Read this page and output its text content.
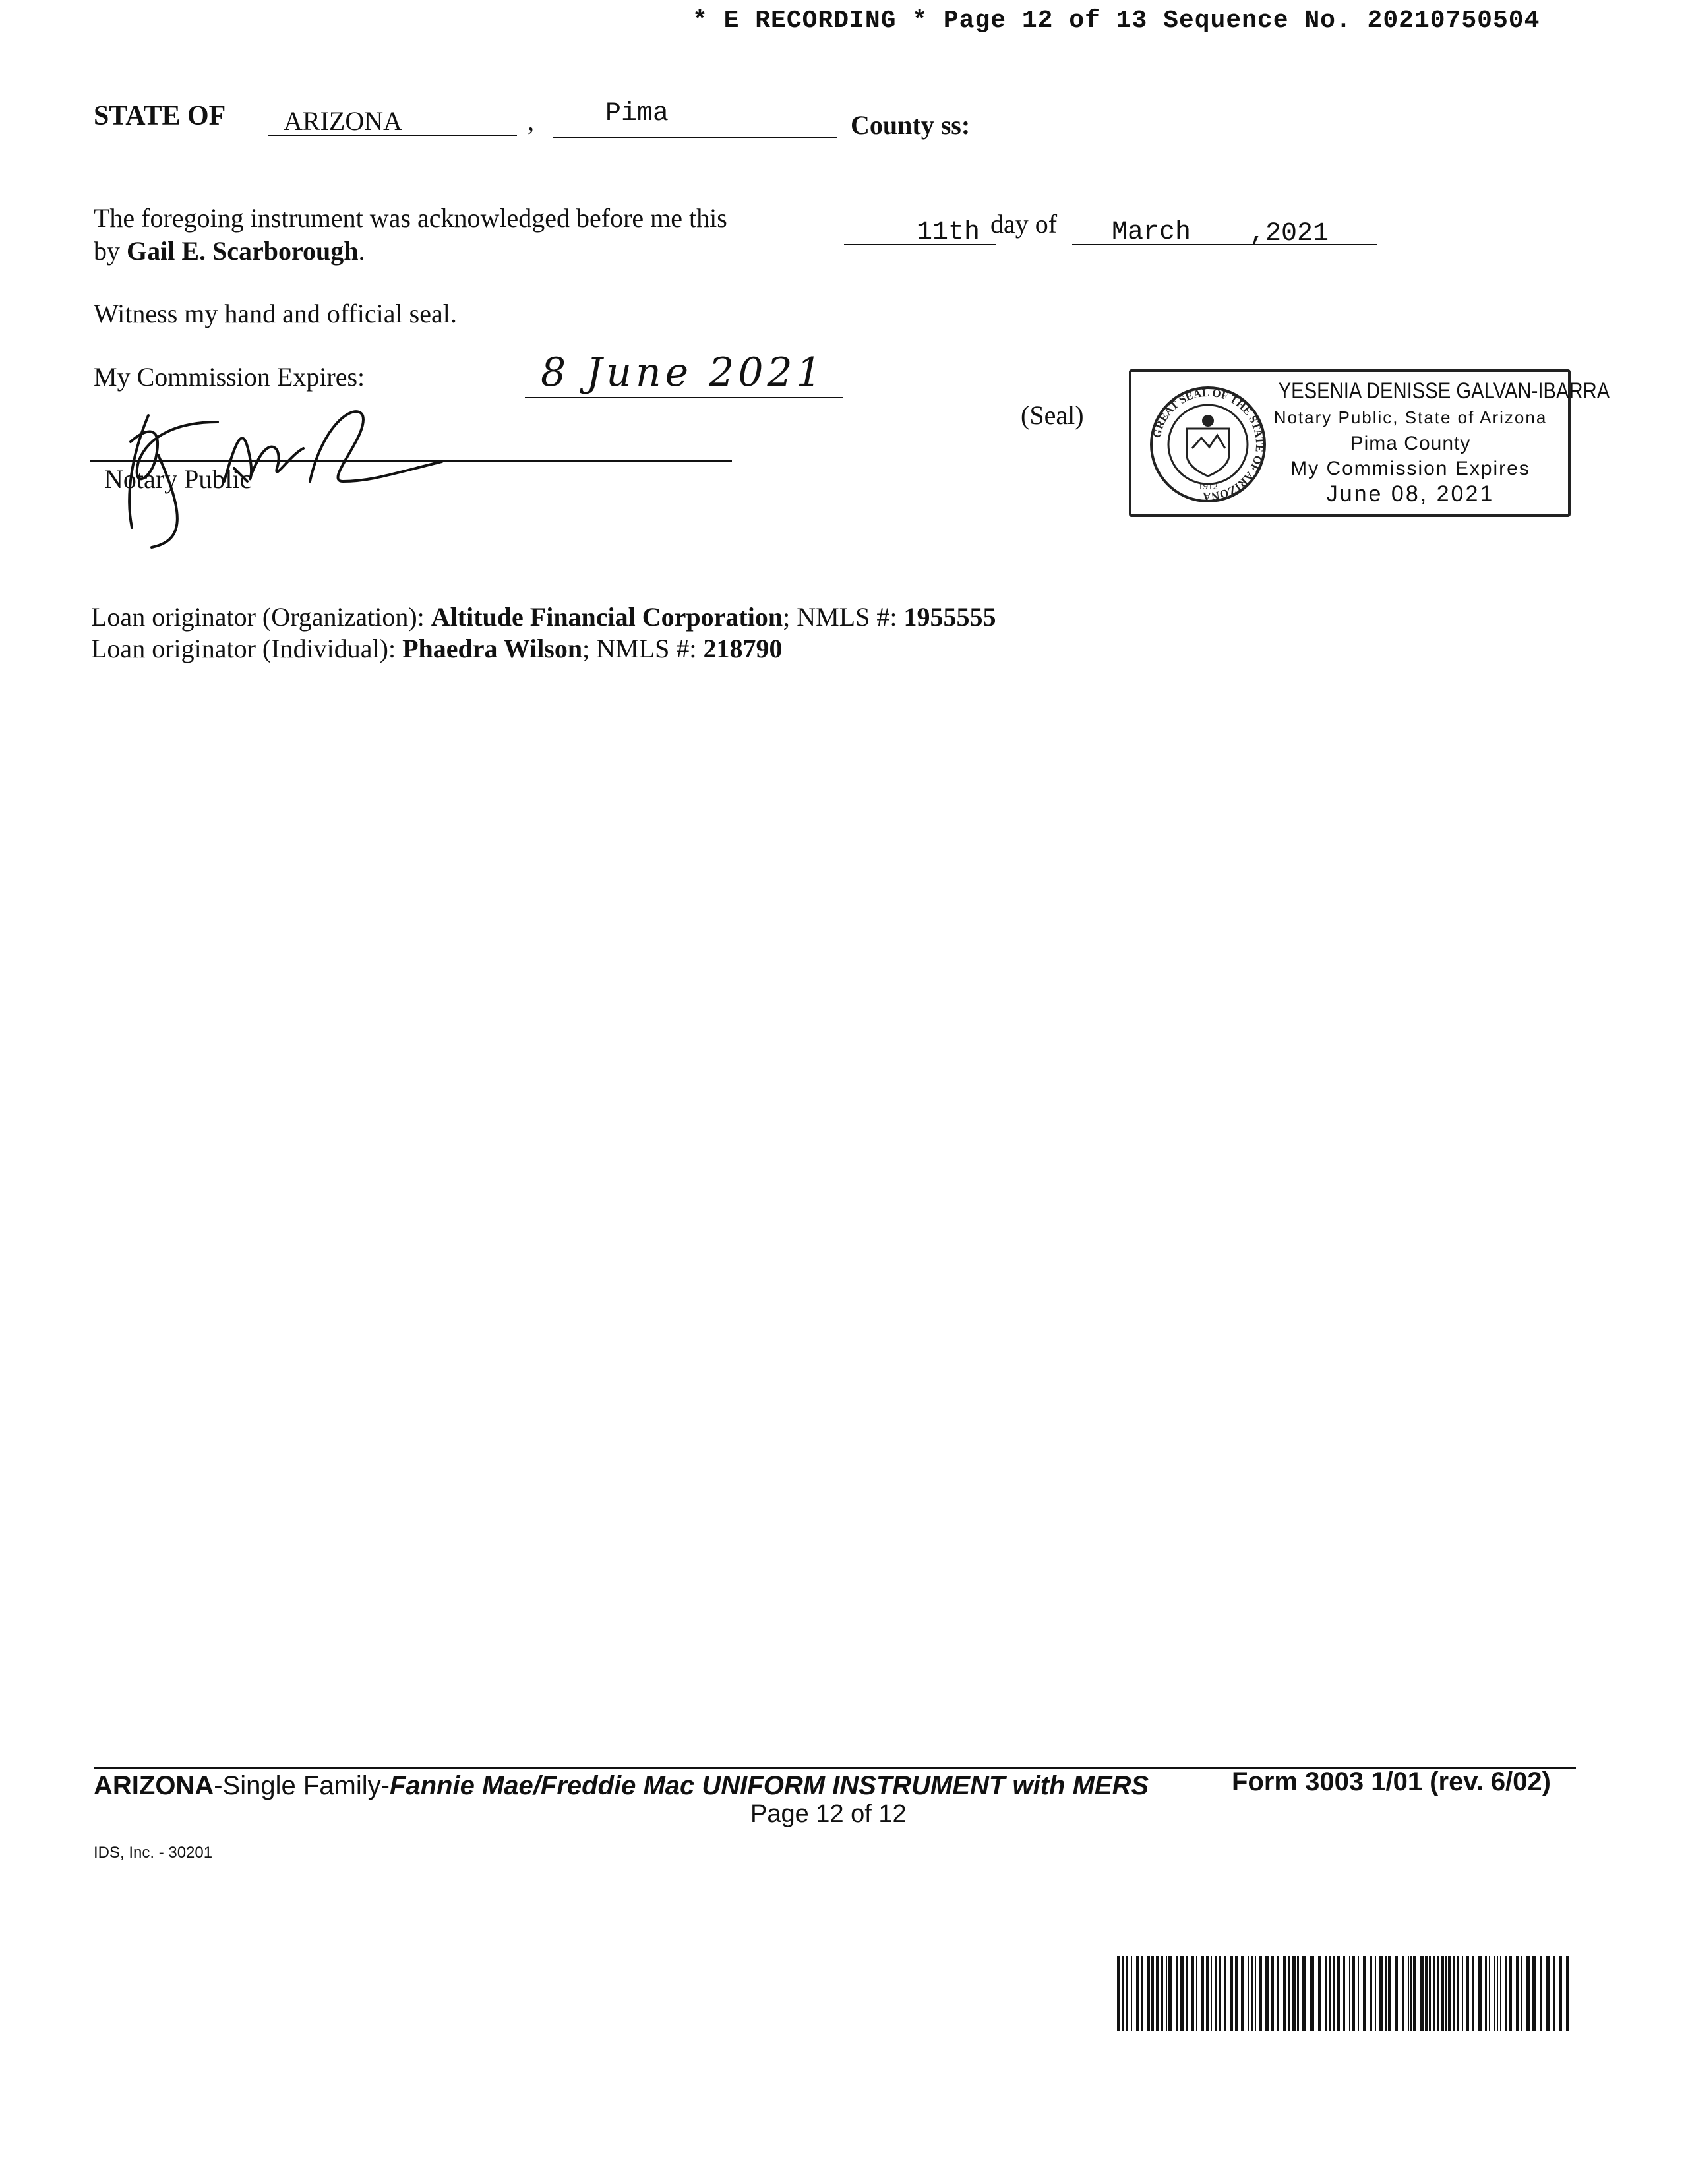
* E RECORDING * Page 12 of 13 Sequence No. 20210750504
STATE OF ARIZONA	,	Pima	County ss:
The foregoing instrument was acknowledged before me this
by Gail E. Scarborough.
11th day of March ,2021
Witness my hand and official seal.
My Commission Expires:	8 June 2021
Notary Public
(Seal)
GREAT SEAL OF THE STATE OF ARIZONA
1912
YESENIA DENISSE GALVAN-IBARRA
Notary Public, State of Arizona
Pima County
My Commission Expires
June 08, 2021
Loan originator (Organization): Altitude Financial Corporation; NMLS #: 1955555
Loan originator (Individual): Phaedra Wilson; NMLS #: 218790
ARIZONA-Single Family-Fannie Mae/Freddie Mac UNIFORM INSTRUMENT with MERS	Form 3003 1/01 (rev. 6/02)
Page 12 of 12
IDS, Inc. - 30201
